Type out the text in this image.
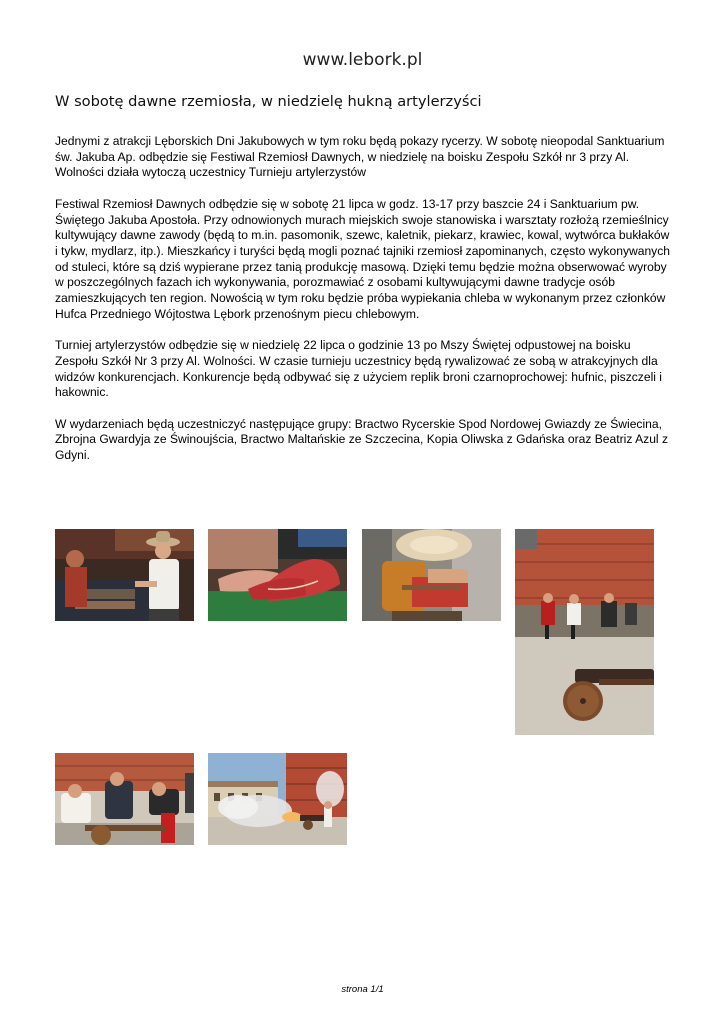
www.lebork.pl
W sobotę dawne rzemiosła, w niedzielę hukną artylerzyści

Jednymi z atrakcji Lęborskich Dni Jakubowych w tym roku będą pokazy rycerzy. W sobotę nieopodal Sanktuarium św. Jakuba Ap. odbędzie się Festiwal Rzemiosł Dawnych, w niedzielę na boisku Zespołu Szkół nr 3 przy Al. Wolności działa wytoczą uczestnicy Turnieju artylerzystów

Festiwal Rzemiosł Dawnych odbędzie się w sobotę 21 lipca w godz. 13-17 przy baszcie 24 i Sanktuarium pw. Świętego Jakuba Apostoła. Przy odnowionych murach miejskich swoje stanowiska i warsztaty rozłożą rzemieślnicy kultywujący dawne zawody (będą to m.in. pasomonik, szewc, kaletnik, piekarz, krawiec, kowal, wytwórca bukłaków i tykw, mydlarz, itp.). Mieszkańcy i turyści będą mogli poznać tajniki rzemiosł zapominanych, często wykonywanych od stuleci, które są dziś wypierane przez tanią produkcję masową. Dzięki temu będzie można obserwować wyroby w poszczególnych fazach ich wykonywania, porozmawiać z osobami kultywującymi dawne tradycje osób zamieszkujących ten region. Nowością w tym roku będzie próba wypiekania chleba w wykonanym przez członków Hufca Przedniego Wójtostwa Lębork przenośnym piecu chlebowym.

Turniej artylerzystów odbędzie się w niedzielę 22 lipca o godzinie 13 po Mszy Świętej odpustowej na boisku Zespołu Szkół Nr 3 przy Al. Wolności. W czasie turnieju uczestnicy będą rywalizować ze sobą w atrakcyjnych dla widzów konkurencjach. Konkurencje będą odbywać się z użyciem replik broni czarnoprochowej: hufnic, piszczeli i hakownic.

W wydarzeniach będą uczestniczyć następujące grupy: Bractwo Rycerskie Spod Nordowej Gwiazdy ze Świecina, Zbrojna Gwardyja ze Świnoujścia, Bractwo Maltańskie ze Szczecina, Kopia Oliwska z Gdańska oraz Beatriz Azul z Gdyni.

strona 1/1
